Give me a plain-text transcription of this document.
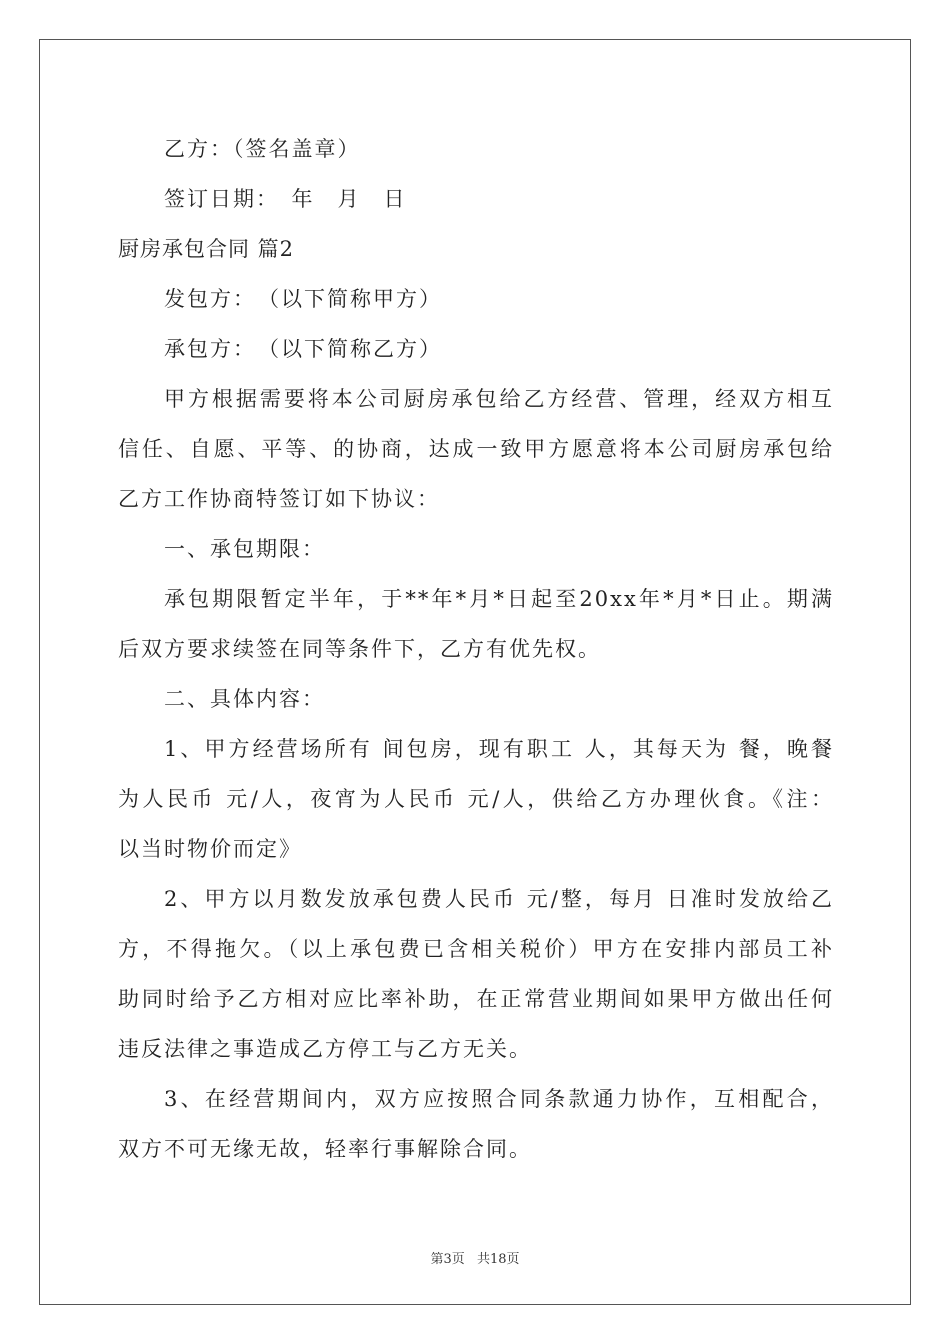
乙方：（签名盖章）
签订日期：　年　月　日
厨房承包合同 篇2
发包方：　（以下简称甲方）
承包方：　（以下简称乙方）
甲方根据需要将本公司厨房承包给乙方经营、管理，经双方相互
信任、自愿、平等、的协商，达成一致甲方愿意将本公司厨房承包给
乙方工作协商特签订如下协议：
一、承包期限：
承包期限暂定半年，于**年*月*日起至20xx年*月*日止。期满
后双方要求续签在同等条件下，乙方有优先权。
二、具体内容：
1、甲方经营场所有 间包房，现有职工 人，其每天为 餐，晚餐
为人民币 元/人，夜宵为人民币 元/人，供给乙方办理伙食。《注：
以当时物价而定》
2、甲方以月数发放承包费人民币 元/整，每月 日准时发放给乙
方，不得拖欠。（以上承包费已含相关税价）甲方在安排内部员工补
助同时给予乙方相对应比率补助，在正常营业期间如果甲方做出任何
违反法律之事造成乙方停工与乙方无关。
3、在经营期间内，双方应按照合同条款通力协作，互相配合，
双方不可无缘无故，轻率行事解除合同。
第3页 共18页
